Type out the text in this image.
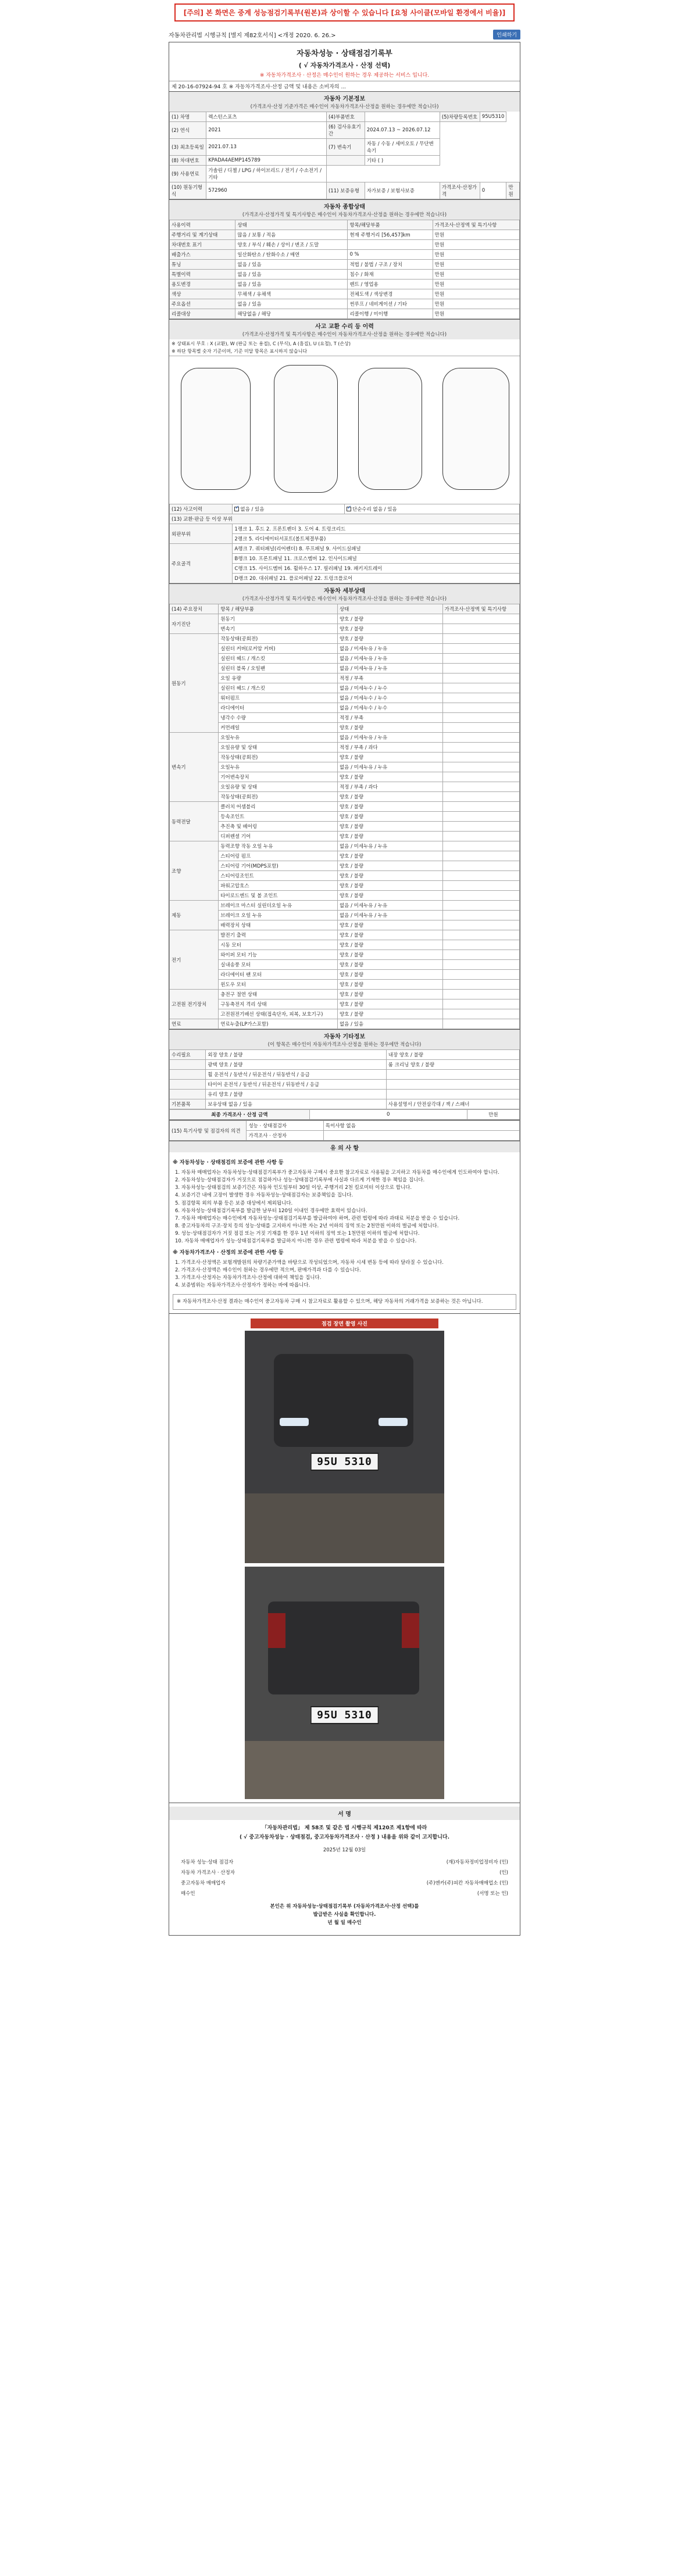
[주의] 본 화면은 중계 성능점검기록부(원본)과 상이할 수 있습니다 [요청 사이클(모바일 환경에서 비율)]
자동차관리법 시행규칙 [별지 제82호서식] <개정 2020. 6. 26.>	인쇄하기
자동차성능 · 상태점검기록부
( √ 자동차가격조사 · 산정 선택)
※ 자동차가격조사 · 산정은 매수인이 원하는 경우 제공하는 서비스 입니다.
제 20-16-07924-94 호 ※ 자동차가격조사·산정 금액 및 내용은 소비자의 ...
자동차 기본정보
(가격조사·산정 기준가격은 매수인이 자동차가격조사·산정을 원하는 경우에만 적습니다)
(1) 차명	렉스턴스포츠	(4)부품번호		(5)차량등록번호	95U5310	
(2) 연식	2021	(6) 검사유효기간	2024.07.13 ~ 2026.07.12			
(3) 최초등록일	2021.07.13	(7) 변속기	자동 / 수동 / 세미오토 / 무단변속기			
(8) 차대번호	KPADA4AEMP145789		기타 ( )			
(9) 사용연료	가솔린 / 디젤 / LPG / 하이브리드 / 전기 / 수소전기 / 기타					
(10) 원동기형식	572960	(11) 보증유형	자가보증 / 보험사보증	가격조사·산정가격	0	만원
자동차 종합상태
(가격조사·산정가격 및 특기사항은 매수인이 자동차가격조사·산정을 원하는 경우에만 적습니다)
사용이력	상태	항목/해당부품	가격조사·산정액 및 특기사항
주행거리 및 계기상태	많음 / 보통 / 적음	현재 주행거리 [56,457]km	만원
차대번호 표기	양호 / 부식 / 훼손 / 상이 / 변조 / 도말		만원
배출가스	일산화탄소 / 탄화수소 / 매연	0 %	만원
튜닝	없음 / 있음	적법 / 불법 / 구조 / 장치	만원
특별이력	없음 / 있음	침수 / 화재	만원
용도변경	없음 / 있음	렌트 / 영업용	만원
색상	무채색 / 유채색	전체도색 / 색상변경	만원
주요옵션	없음 / 있음	썬루프 / 네비게이션 / 기타	만원
리콜대상	해당없음 / 해당	리콜이행 / 미이행	만원
사고 교환 수리 등 이력
(가격조사·산정가격 및 특기사항은 매수인이 자동차가격조사·산정을 원하는 경우에만 적습니다)
※ 상태표시 부호 : X (교환), W (판금 또는 용접), C (부식), A (흠집), U (요철), T (손상)
※ 하단 항목별 숫자 기준이며, 기준 미달 항목은 표시하지 않습니다
(12) 사고이력	✓없음 / 있음	✓단순수리 없음 / 있음
(13) 교환·판금 등 이상 부위		
외판부위	1랭크 1. 후드 2. 프론트펜더 3. 도어 4. 트렁크리드	
	2랭크 5. 라디에이터서포트(볼트체결부품)	
주요골격	A랭크 7. 쿼터패널(리어펜더) 8. 루프패널 9. 사이드실패널	
	B랭크 10. 프론트패널 11. 크로스멤버 12. 인사이드패널	
	C랭크 15. 사이드멤버 16. 휠하우스 17. 필러패널 19. 패키지트레이	
	D랭크 20. 대쉬패널 21. 플로어패널 22. 트렁크플로어	
자동차 세부상태
(가격조사·산정가격 및 특기사항은 매수인이 자동차가격조사·산정을 원하는 경우에만 적습니다)
(14) 주요장치	항목 / 해당부품	상태	가격조사·산정액 및 특기사항
자기진단	원동기	양호 / 불량	
	변속기	양호 / 불량	
원동기	작동상태(공회전)	양호 / 불량	
	실린더 커버(로커암 커버)	없음 / 미세누유 / 누유	
	실린더 헤드 / 개스킷	없음 / 미세누유 / 누유	
	실린더 블록 / 오일팬	없음 / 미세누유 / 누유	
	오일 유량	적정 / 부족	
	실린더 헤드 / 개스킷	없음 / 미세누수 / 누수	
	워터펌프	없음 / 미세누수 / 누수	
	라디에이터	없음 / 미세누수 / 누수	
	냉각수 수량	적정 / 부족	
	커먼레일	양호 / 불량	
변속기	오일누유	없음 / 미세누유 / 누유	
	오일유량 및 상태	적정 / 부족 / 과다	
	작동상태(공회전)	양호 / 불량	
	오일누유	없음 / 미세누유 / 누유	
	기어변속장치	양호 / 불량	
	오일유량 및 상태	적정 / 부족 / 과다	
	작동상태(공회전)	양호 / 불량	
동력전달	클러치 어셈블리	양호 / 불량	
	등속조인트	양호 / 불량	
	추진축 및 베어링	양호 / 불량	
	디퍼렌셜 기어	양호 / 불량	
조향	동력조향 작동 오일 누유	없음 / 미세누유 / 누유	
	스티어링 펌프	양호 / 불량	
	스티어링 기어(MDPS포함)	양호 / 불량	
	스티어링조인트	양호 / 불량	
	파워고압호스	양호 / 불량	
	타이로드엔드 및 볼 조인트	양호 / 불량	
제동	브레이크 마스터 실린더오일 누유	없음 / 미세누유 / 누유	
	브레이크 오일 누유	없음 / 미세누유 / 누유	
	배력장치 상태	양호 / 불량	
전기	발전기 출력	양호 / 불량	
	시동 모터	양호 / 불량	
	와이퍼 모터 기능	양호 / 불량	
	실내송풍 모터	양호 / 불량	
	라디에이터 팬 모터	양호 / 불량	
	윈도우 모터	양호 / 불량	
고전원 전기장치	충전구 절연 상태	양호 / 불량	
	구동축전지 격리 상태	양호 / 불량	
	고전원전기배선 상태(접속단자, 피복, 보호기구)	양호 / 불량	
연료	연료누출(LP가스포함)	없음 / 있음	
자동차 기타정보
(이 항목은 매수인이 자동차가격조사·산정을 원하는 경우에만 적습니다)
수리필요	외장 양호 / 불량	내장 양호 / 불량
	광택 양호 / 불량	룸 크리닝 양호 / 불량
	휠 운전석 / 동반석 / 뒤운전석 / 뒤동반석 / 응급	
	타이어 운전석 / 동반석 / 뒤운전석 / 뒤동반석 / 응급	
	유리 양호 / 불량	
기본품목	보유상태 없음 / 있음	사용설명서 / 안전삼각대 / 잭 / 스패너
최종 가격조사 · 산정 금액	0	만원
(15) 특기사항 및 점검자의 의견	성능 · 상태점검자	특이사항 없음
	가격조사 · 산정자	
유 의 사 항
※ 자동차성능 · 상태점검의 보증에 관한 사항 등
1. 자동차 매매업자는 자동차성능·상태점검기록부가 중고자동차 구매시 중요한 참고자료로 사용됨을 고지하고 자동차를 매수인에게 인도하여야 합니다.
2. 자동차성능·상태점검자가 거짓으로 점검하거나 성능·상태점검기록부에 사실과 다르게 기재한 경우 책임을 집니다.
3. 자동차성능·상태점검의 보증기간은 자동차 인도일부터 30일 이상, 주행거리 2천 킬로미터 이상으로 합니다.
4. 보증기간 내에 고장이 발생한 경우 자동차성능·상태점검자는 보증책임을 집니다.
5. 점검항목 외의 부품 등은 보증 대상에서 제외됩니다.
6. 자동차성능·상태점검기록부를 발급한 날부터 120일 이내인 경우에만 효력이 있습니다.
7. 자동차 매매업자는 매수인에게 자동차성능·상태점검기록부를 발급하여야 하며, 관련 법령에 따라 과태료 처분을 받을 수 있습니다.
8. 중고자동차의 구조·장치 등의 성능·상태를 고지하지 아니한 자는 2년 이하의 징역 또는 2천만원 이하의 벌금에 처합니다.
9. 성능·상태점검자가 거짓 점검 또는 거짓 기재를 한 경우 1년 이하의 징역 또는 1천만원 이하의 벌금에 처합니다.
10. 자동차 매매업자가 성능·상태점검기록부를 발급하지 아니한 경우 관련 법령에 따라 처분을 받을 수 있습니다.
※ 자동차가격조사 · 산정의 보증에 관한 사항 등
1. 가격조사·산정액은 보험개발원의 차량기준가액을 바탕으로 작성되었으며, 자동차 시세 변동 등에 따라 달라질 수 있습니다.
2. 가격조사·산정액은 매수인이 원하는 경우에만 적으며, 판매가격과 다를 수 있습니다.
3. 가격조사·산정자는 자동차가격조사·산정에 대하여 책임을 집니다.
4. 보증범위는 자동차가격조사·산정자가 정하는 바에 따릅니다.
※ 자동차가격조사·산정 결과는 매수인이 중고자동차 구매 시 참고자료로 활용할 수 있으며, 해당 자동차의 거래가격을 보증하는 것은 아닙니다.
점검 장면 촬영 사진
95U 5310
95U 5310
서 명
「자동차관리법」 제 58조 및 같은 법 시행규칙 제120조 제1항에 따라
( √ 중고자동차성능 · 상태점검, 중고자동차가격조사 · 산정 ) 내용을 위와 같이 고지합니다.
2025년 12월 03일
자동차 성능·상태 점검자	(재)자동차정비업정비자 (인)
자동차 가격조사 · 산정자	(인)
중고자동차 매매업자	(주)엔카(주)피칸 자동차매매업소 (인)
매수인	(서명 또는 인)
본인은 위 자동차성능·상태점검기록부 (자동차가격조사·산정 선택)를
발급받은 사실을 확인합니다.
년 월 일 매수인
